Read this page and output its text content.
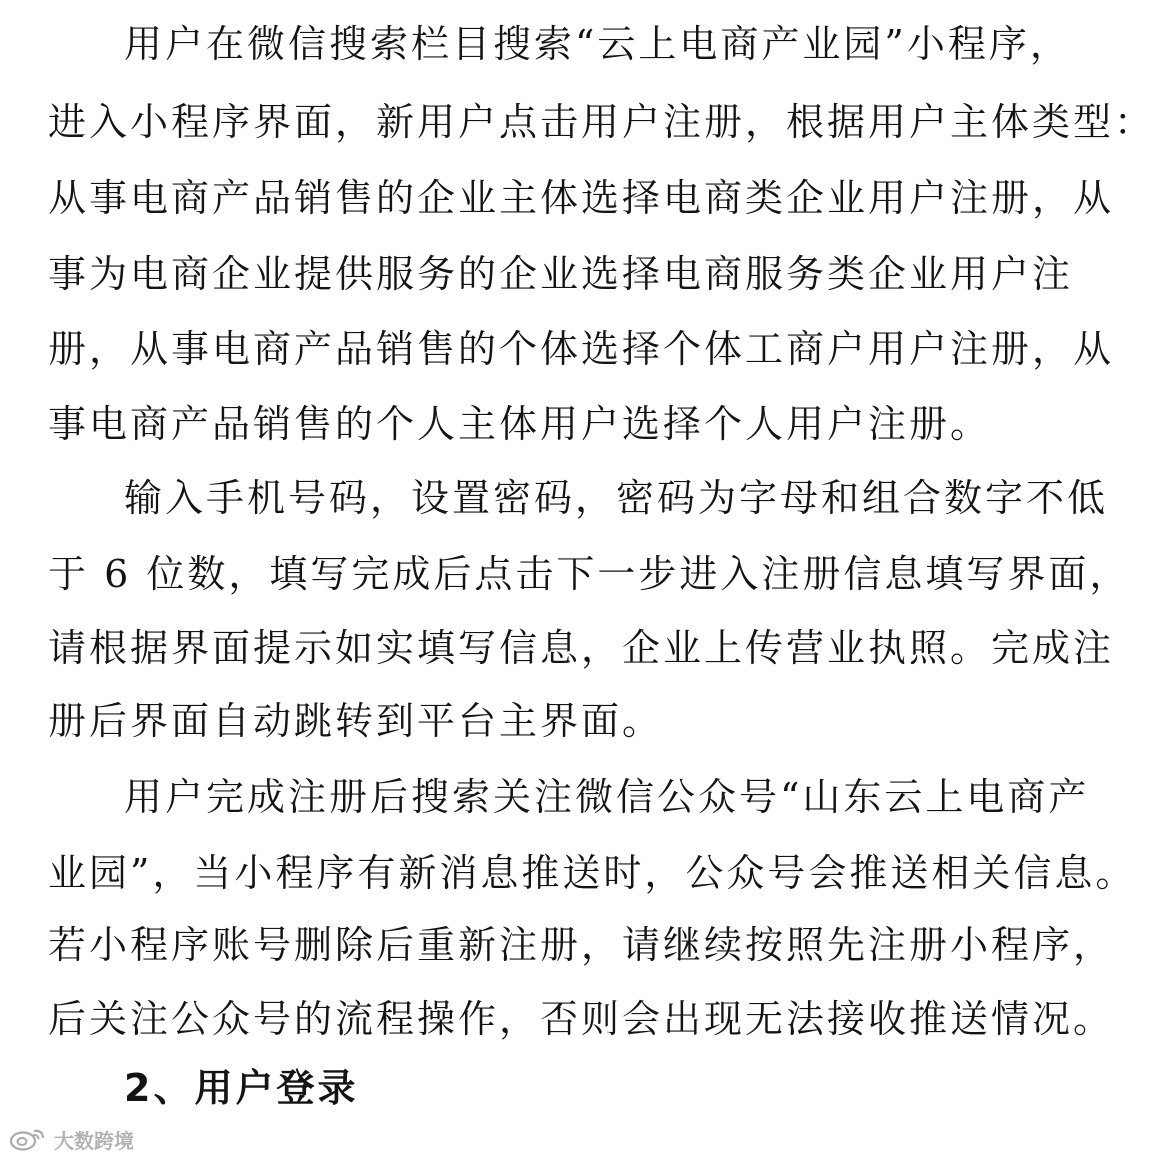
用户在微信搜索栏目搜索“云上电商产业园”小程序，
进入小程序界面，新用户点击用户注册，根据用户主体类型：
从事电商产品销售的企业主体选择电商类企业用户注册，从
事为电商企业提供服务的企业选择电商服务类企业用户注
册，从事电商产品销售的个体选择个体工商户用户注册，从
事电商产品销售的个人主体用户选择个人用户注册。
输入手机号码，设置密码，密码为字母和组合数字不低
于 6 位数，填写完成后点击下一步进入注册信息填写界面，
请根据界面提示如实填写信息，企业上传营业执照。完成注
册后界面自动跳转到平台主界面。
用户完成注册后搜索关注微信公众号“山东云上电商产
业园”，当小程序有新消息推送时，公众号会推送相关信息。
若小程序账号删除后重新注册，请继续按照先注册小程序，
后关注公众号的流程操作，否则会出现无法接收推送情况。
2、用户登录
大数跨境
